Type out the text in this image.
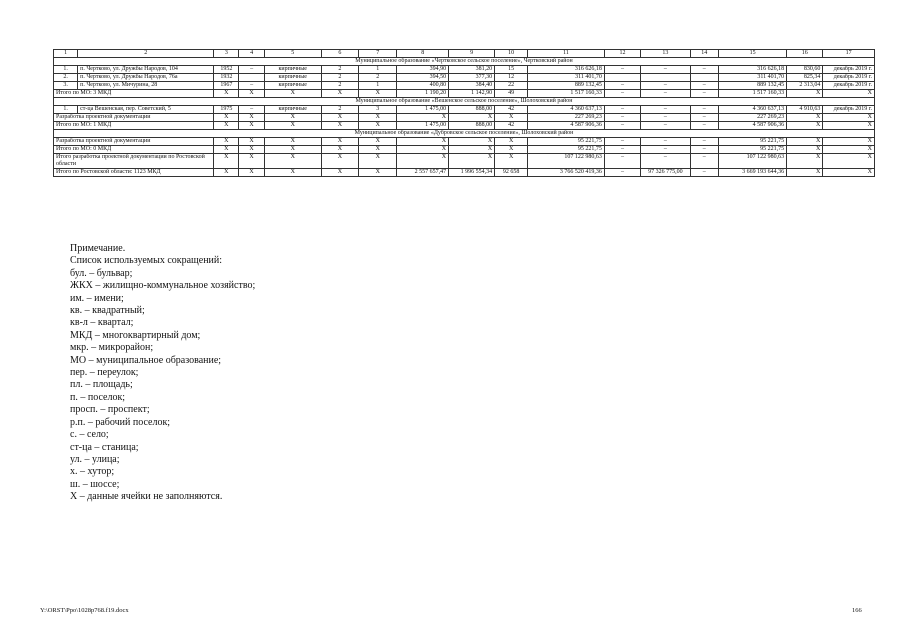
1	2	3	4	5	6	7	8	9	10	11	12	13	14	15	16	17
Муниципальное образование «Чертковское сельское поселение», Чертковский район																
1.	п. Чертково, ул. Дружбы Народов, 104	1952	–	кирпичные	2	1	394,90	381,20	15	316 626,18	–	–	–	316 626,18	830,60	декабрь 2019 г.
2.	п. Чертково, ул. Дружбы Народов, 76а	1932		кирпичные	2	2	394,50	377,30	12	311 401,70				311 401,70	825,34	декабрь 2019 г.
3.	п. Чертково, ул. Мичурина, 28	1967	–	кирпичные	2	1	400,80	384,40	22	889 132,45	–	–	–	889 132,45	2 313,04	декабрь 2019 г.
Итого по МО: 3 МКД		Х	Х	Х	Х	Х	1 190,20	1 142,90	49	1 517 160,33	–	–	–	1 517 160,33	Х	Х
Муниципальное образование «Вешенское сельское поселение», Шолоховский район																
1.	ст-ца Вешенская, пер. Советский, 5	1975	–	кирпичные	2	3	1 475,00	888,00	42	4 360 637,13	–	–	–	4 360 637,13	4 910,63	декабрь 2019 г.
Разработка проектной документации		Х	Х	Х	Х	Х	Х	Х	Х	227 269,23	–	–	–	227 269,23	Х	Х
Итого по МО: 1 МКД		Х	Х	Х	Х	Х	1 475,00	888,00	42	4 587 906,36	–	–	–	4 587 906,36	Х	Х
Муниципальное образование «Дубровское сельское поселение», Шолоховский район																
Разработка проектной документации		Х	Х	Х	Х	Х	Х	Х	Х	95 221,75	–	–	–	95 221,75	Х	Х
Итого по МО: 0 МКД		Х	Х	Х	Х	Х	Х	Х	Х	95 221,75	–	–	–	95 221,75	Х	Х
Итого разработка проектной документации по Ростовской области		Х	Х	Х	Х	Х	Х	Х	Х	107 122 980,63	–	–	–	107 122 980,63	Х	Х
Итого по Ростовской области: 1123 МКД		Х	Х	Х	Х	Х	2 557 657,47	1 996 554,34	92 658	3 766 520 419,36	–	97 326 775,00	–	3 669 193 644,36	Х	Х
Примечание.
Список используемых сокращений:
бул. – бульвар;
ЖКХ – жилищно-коммунальное хозяйство;
им. – имени;
кв. – квадратный;
кв-л – квартал;
МКД – многоквартирный дом;
мкр. – микрорайон;
МО – муниципальное образование;
пер. – переулок;
пл. – площадь;
п. – поселок;
просп. – проспект;
р.п. – рабочий поселок;
с. – село;
ст-ца – станица;
ул. – улица;
х. – хутор;
ш. – шоссе;
Х – данные ячейки не заполняются.
Y:\ORST\Ppo\1028p768.f19.docx	166
